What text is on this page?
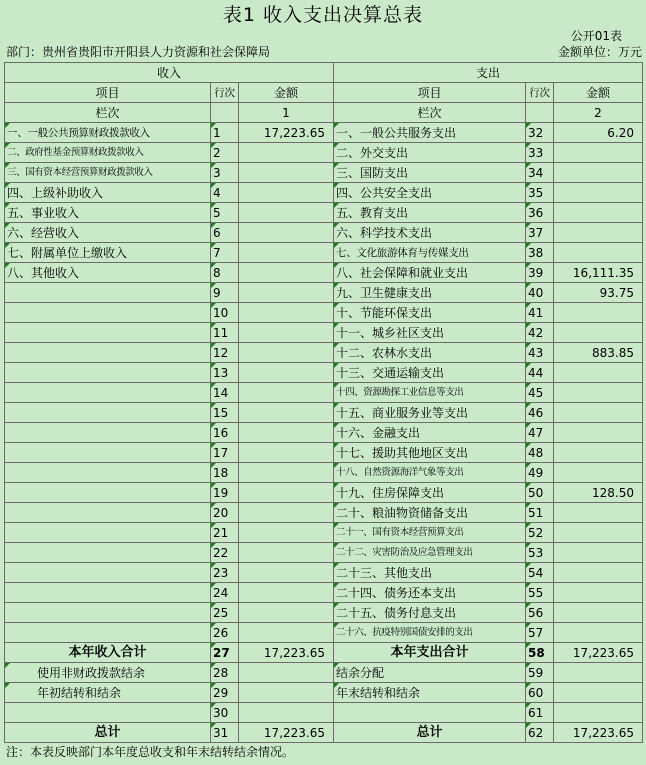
表1 收入支出决算总表
公开01表
部门：贵州省贵阳市开阳县人力资源和社会保障局	金额单位：万元
收入			支出		
项目	行次	金额	项目	行次	金额
栏次		1	栏次		2
一、一般公共预算财政拨款收入	1	17,223.65	一、一般公共服务支出	32	6.20
二、政府性基金预算财政拨款收入	2		二、外交支出	33	
三、国有资本经营预算财政拨款收入	3		三、国防支出	34	
四、上级补助收入	4		四、公共安全支出	35	
五、事业收入	5		五、教育支出	36	
六、经营收入	6		六、科学技术支出	37	
七、附属单位上缴收入	7		七、文化旅游体育与传媒支出	38	
八、其他收入	8		八、社会保障和就业支出	39	16,111.35
	9		九、卫生健康支出	40	93.75
	10		十、节能环保支出	41	
	11		十一、城乡社区支出	42	
	12		十二、农林水支出	43	883.85
	13		十三、交通运输支出	44	
	14		十四、资源勘探工业信息等支出	45	
	15		十五、商业服务业等支出	46	
	16		十六、金融支出	47	
	17		十七、援助其他地区支出	48	
	18		十八、自然资源海洋气象等支出	49	
	19		十九、住房保障支出	50	128.50
	20		二十、粮油物资储备支出	51	
	21		二十一、国有资本经营预算支出	52	
	22		二十二、灾害防治及应急管理支出	53	
	23		二十三、其他支出	54	
	24		二十四、债务还本支出	55	
	25		二十五、债务付息支出	56	
	26		二十六、抗疫特别国债安排的支出	57	
本年收入合计	27	17,223.65	本年支出合计	58	17,223.65
使用非财政拨款结余	28		结余分配	59	
年初结转和结余	29		年末结转和结余	60	
	30			61	
总计	31	17,223.65	总计	62	17,223.65
注：本表反映部门本年度总收支和年末结转结余情况。
